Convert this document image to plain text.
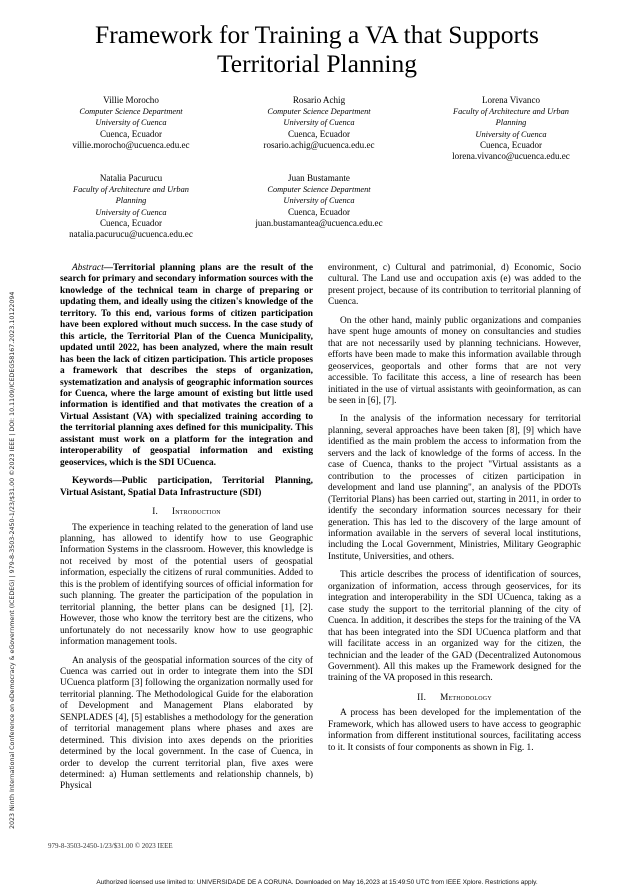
2023 Ninth International Conference on eDemocracy & eGovernment (ICEDEG) | 979-8-3503-2450-1/23/$31.00 ©2023 IEEE | DOI: 10.1109/ICEDEG58167.2023.10122094
Framework for Training a VA that Supports
Territorial Planning
Villie Morocho
Computer Science Department
University of Cuenca
Cuenca, Ecuador
villie.morocho@ucuenca.edu.ec
Rosario Achig
Computer Science Department
University of Cuenca
Cuenca, Ecuador
rosario.achig@ucuenca.edu.ec
Lorena Vivanco
Faculty of Architecture and Urban
Planning
University of Cuenca
Cuenca, Ecuador
lorena.vivanco@ucuenca.edu.ec
Natalia Pacurucu
Faculty of Architecture and Urban
Planning
University of Cuenca
Cuenca, Ecuador
natalia.pacurucu@ucuenca.edu.ec
Juan Bustamante
Computer Science Department
University of Cuenca
Cuenca, Ecuador
juan.bustamantea@ucuenca.edu.ec

Abstract—Territorial planning plans are the result of the search for primary and secondary information sources with the knowledge of the technical team in charge of preparing or updating them, and ideally using the citizen's knowledge of the territory. To this end, various forms of citizen participation have been explored without much success. In the case study of this article, the Territorial Plan of the Cuenca Municipality, updated until 2022, has been analyzed, where the main result has been the lack of citizen participation. This article proposes a framework that describes the steps of organization, systematization and analysis of geographic information sources for Cuenca, where the large amount of existing but little used information is identified and that motivates the creation of a Virtual Assistant (VA) with specialized training according to the territorial planning axes defined for this municipality. This assistant must work on a platform for the integration and interoperability of geospatial information and existing geoservices, which is the SDI UCuenca.

Keywords—Public participation, Territorial Planning, Virtual Asistant, Spatial Data Infrastructure (SDI)

I. Introduction

The experience in teaching related to the generation of land use planning, has allowed to identify how to use Geographic Information Systems in the classroom. However, this knowledge is not received by most of the potential users of geospatial information, especially the citizens of rural communities. Added to this is the problem of identifying sources of official information for such planning. The greater the participation of the population in territorial planning, the better plans can be designed [1], [2]. However, those who know the territory best are the citizens, who unfortunately do not necessarily know how to use geographic information management tools.

An analysis of the geospatial information sources of the city of Cuenca was carried out in order to integrate them into the SDI UCuenca platform [3] following the organization normally used for territorial planning. The Methodological Guide for the elaboration of Development and Management Plans elaborated by SENPLADES [4], [5] establishes a methodology for the generation of territorial management plans where phases and axes are determined. This division into axes depends on the priorities determined by the local government. In the case of Cuenca, in order to develop the current territorial plan, five axes were determined: a) Human settlements and relationship channels, b) Physical

environment, c) Cultural and patrimonial, d) Economic, Socio cultural. The Land use and occupation axis (e) was added to the present project, because of its contribution to territorial planning of Cuenca.

On the other hand, mainly public organizations and companies have spent huge amounts of money on consultancies and studies that are not necessarily used by planning technicians. However, efforts have been made to make this information available through geoservices, geoportals and other forms that are not very accessible. To facilitate this access, a line of research has been initiated in the use of virtual assistants with geoinformation, as can be seen in [6], [7].

In the analysis of the information necessary for territorial planning, several approaches have been taken [8], [9] which have identified as the main problem the access to information from the servers and the lack of knowledge of the forms of access. In the case of Cuenca, thanks to the project "Virtual assistants as a contribution to the processes of citizen participation in development and land use planning", an analysis of the PDOTs (Territorial Plans) has been carried out, starting in 2011, in order to identify the secondary information sources necessary for their generation. This has led to the discovery of the large amount of information available in the servers of several local institutions, including the Local Government, Ministries, Military Geographic Institute, Universities, and others.

This article describes the process of identification of sources, organization of information, access through geoservices, for its integration and interoperability in the SDI UCuenca, taking as a case study the support to the territorial planning of the city of Cuenca. In addition, it describes the steps for the training of the VA that has been integrated into the SDI UCuenca platform and that will facilitate access in an organized way for the citizen, the technician and the leader of the GAD (Decentralized Autonomous Government). All this makes up the Framework designed for the training of the VA proposed in this research.

II. Methodology

A process has been developed for the implementation of the Framework, which has allowed users to have access to geographic information from different institutional sources, facilitating access to it. It consists of four components as shown in Fig. 1.

979-8-3503-2450-1/23/$31.00 © 2023 IEEE
Authorized licensed use limited to: UNIVERSIDADE DE A CORUNA. Downloaded on May 16,2023 at 15:49:50 UTC from IEEE Xplore. Restrictions apply.
